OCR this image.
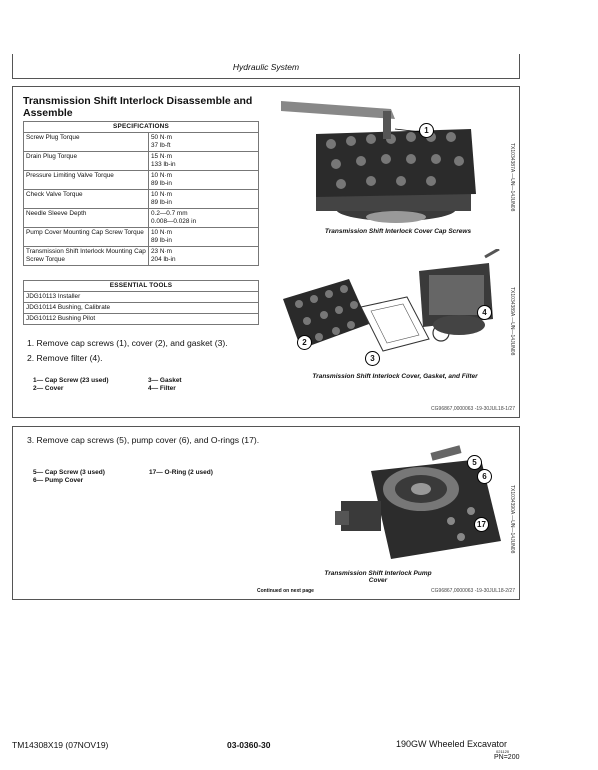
Hydraulic System
Transmission Shift Interlock Disassemble and Assemble
SPECIFICATIONS	
Screw Plug Torque	50 N·m
37 lb-ft
Drain Plug Torque	15 N·m
133 lb-in
Pressure Limiting Valve Torque	10 N·m
89 lb-in
Check Valve Torque	10 N·m
89 lb-in
Needle Sleeve Depth	0.2—0.7 mm
0.008—0.028 in
Pump Cover Mounting Cap Screw Torque	10 N·m
89 lb-in
Transmission Shift Interlock Mounting Cap Screw Torque	23 N·m
204 lb-in
ESSENTIAL TOOLS
JDG10113 Installer
JDG10114 Bushing, Calibrate
JDG10112 Bushing Pilot
1. Remove cap screws (1), cover (2), and gasket (3).
2. Remove filter (4).
1— Cap Screw (23 used)	3— Gasket
2— Cover	4— Filter
1
Transmission Shift Interlock Cover Cap Screws
TX1034387A —UN—14JUN08
2
3
4
Transmission Shift Interlock Cover, Gasket, and Filter
TX1034389A —UN—14JUN08
CG96867,0000063 -19-30JUL18-1/27
3. Remove cap screws (5), pump cover (6), and O-rings (17).
5— Cap Screw (3 used)	17— O-Ring (2 used)
6— Pump Cover
5
6
17
Transmission Shift Interlock Pump Cover
TX1034390A —UN—14JUN08
Continued on next page	CG96867,0000063 -19-30JUL18-2/27
TM14308X19 (07NOV19)	03-0360-30	190GW Wheeled Excavator
021120
PN=200
